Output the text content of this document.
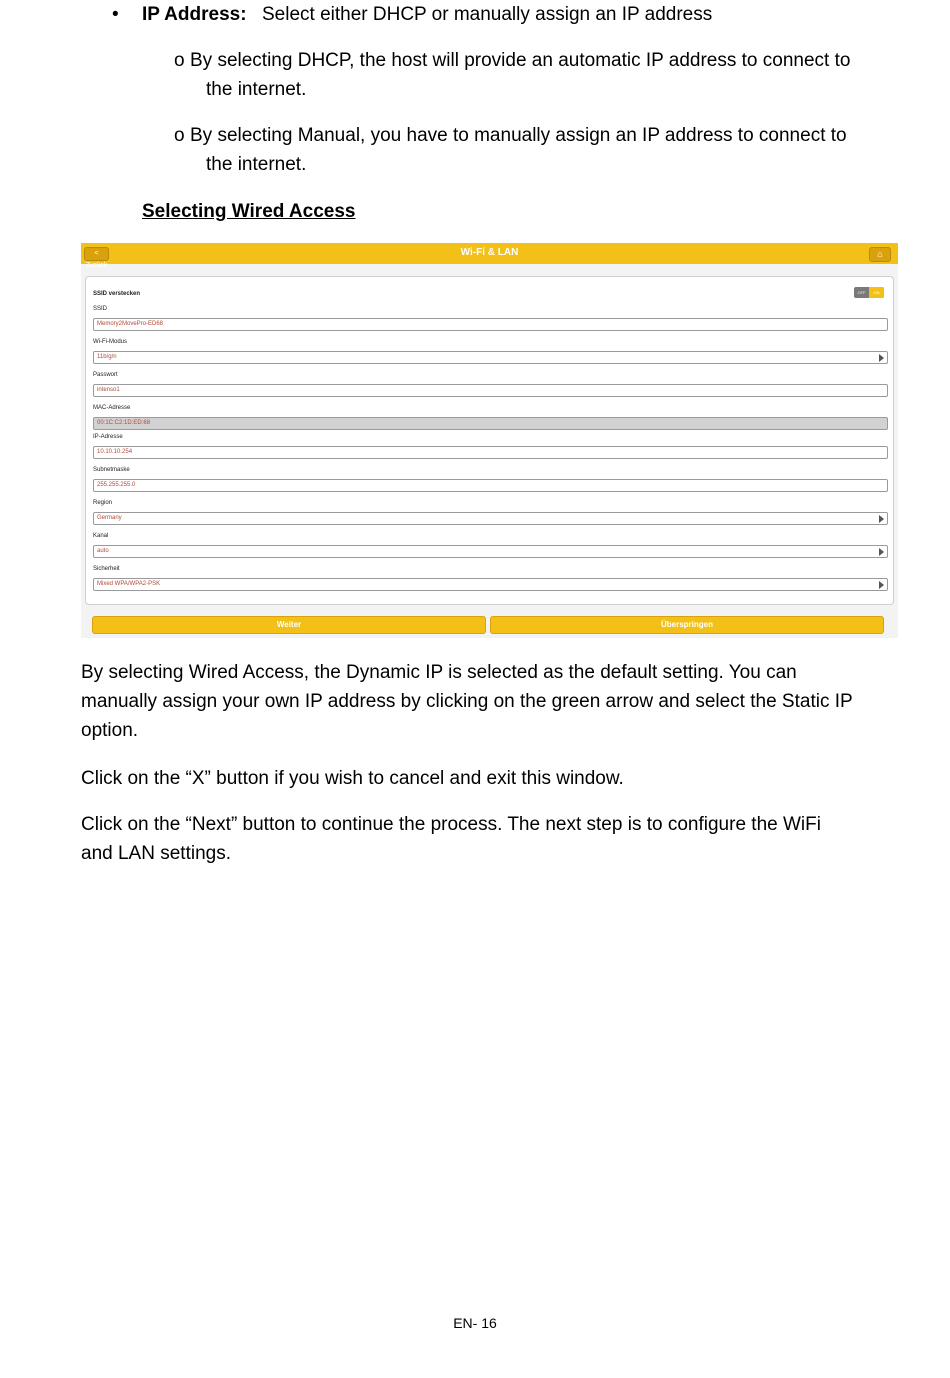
• IP Address: Select either DHCP or manually assign an IP address
o By selecting DHCP, the host will provide an automatic IP address to connect to
the internet.
o By selecting Manual, you have to manually assign an IP address to connect to
the internet.
Selecting Wired Access
< Zurück
Wi-Fi & LAN	⌂
SSID verstecken	OFF	ON
SSID
Memory2MovePro-ED68
Wi-Fi-Modus
11b/g/n
Passwort
intenso1
MAC-Adresse
00:1C:C2:1D:ED:68
IP-Adresse
10.10.10.254
Subnetmaske
255.255.255.0
Region
Germany
Kanal
auto
Sicherheit
Mixed WPA/WPA2-PSK
Weiter	Überspringen
By selecting Wired Access, the Dynamic IP is selected as the default setting. You can
manually assign your own IP address by clicking on the green arrow and select the Static IP
option.
Click on the “X” button if you wish to cancel and exit this window.
Click on the “Next” button to continue the process. The next step is to configure the WiFi
and LAN settings.
EN- 16
